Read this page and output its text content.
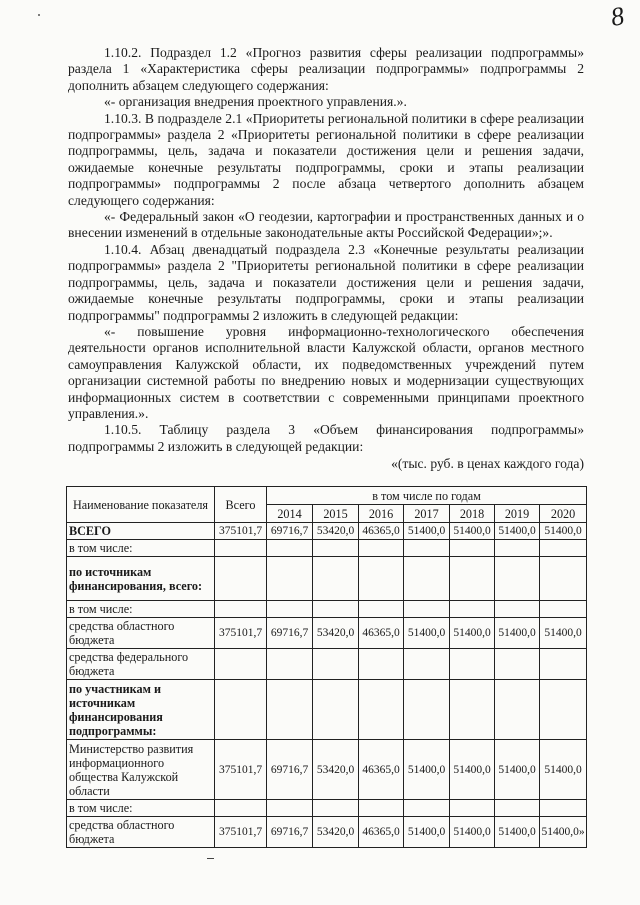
8

1.10.2. Подраздел 1.2 «Прогноз развития сферы реализации подпрограммы» раздела 1 «Характеристика сферы реализации подпрограммы» подпрограммы 2 дополнить абзацем следующего содержания:

«- организация внедрения проектного управления.».

1.10.3. В подразделе 2.1 «Приоритеты региональной политики в сфере реализации подпрограммы» раздела 2 «Приоритеты региональной политики в сфере реализации подпрограммы, цель, задача и показатели достижения цели и решения задачи, ожидаемые конечные результаты подпрограммы, сроки и этапы реализации подпрограммы» подпрограммы 2 после абзаца четвертого дополнить абзацем следующего содержания:

«- Федеральный закон «О геодезии, картографии и пространственных данных и о внесении изменений в отдельные законодательные акты Российской Федерации»;».

1.10.4. Абзац двенадцатый подраздела 2.3 «Конечные результаты реализации подпрограммы» раздела 2 "Приоритеты региональной политики в сфере реализации подпрограммы, цель, задача и показатели достижения цели и решения задачи, ожидаемые конечные результаты подпрограммы, сроки и этапы реализации подпрограммы" подпрограммы 2 изложить в следующей редакции:

«- повышение уровня информационно-технологического обеспечения деятельности органов исполнительной власти Калужской области, органов местного самоуправления Калужской области, их подведомственных учреждений путем организации системной работы по внедрению новых и модернизации существующих информационных систем в соответствии с современными принципами проектного управления.».

1.10.5. Таблицу раздела 3 «Объем финансирования подпрограммы» подпрограммы 2 изложить в следующей редакции:

«(тыс. руб. в ценах каждого года)

Наименование показателя	Всего	в том числе по годам						
		2014	2015	2016	2017	2018	2019	2020
ВСЕГО	375101,7	69716,7	53420,0	46365,0	51400,0	51400,0	51400,0	51400,0
в том числе:								
по источникам финансирования, всего:								
в том числе:								
средства областного бюджета	375101,7	69716,7	53420,0	46365,0	51400,0	51400,0	51400,0	51400,0
средства федерального бюджета								
по участникам и источникам финансирования подпрограммы:								
Министерство развития информационного общества Калужской области	375101,7	69716,7	53420,0	46365,0	51400,0	51400,0	51400,0	51400,0
в том числе:								
средства областного бюджета	375101,7	69716,7	53420,0	46365,0	51400,0	51400,0	51400,0	51400,0»
